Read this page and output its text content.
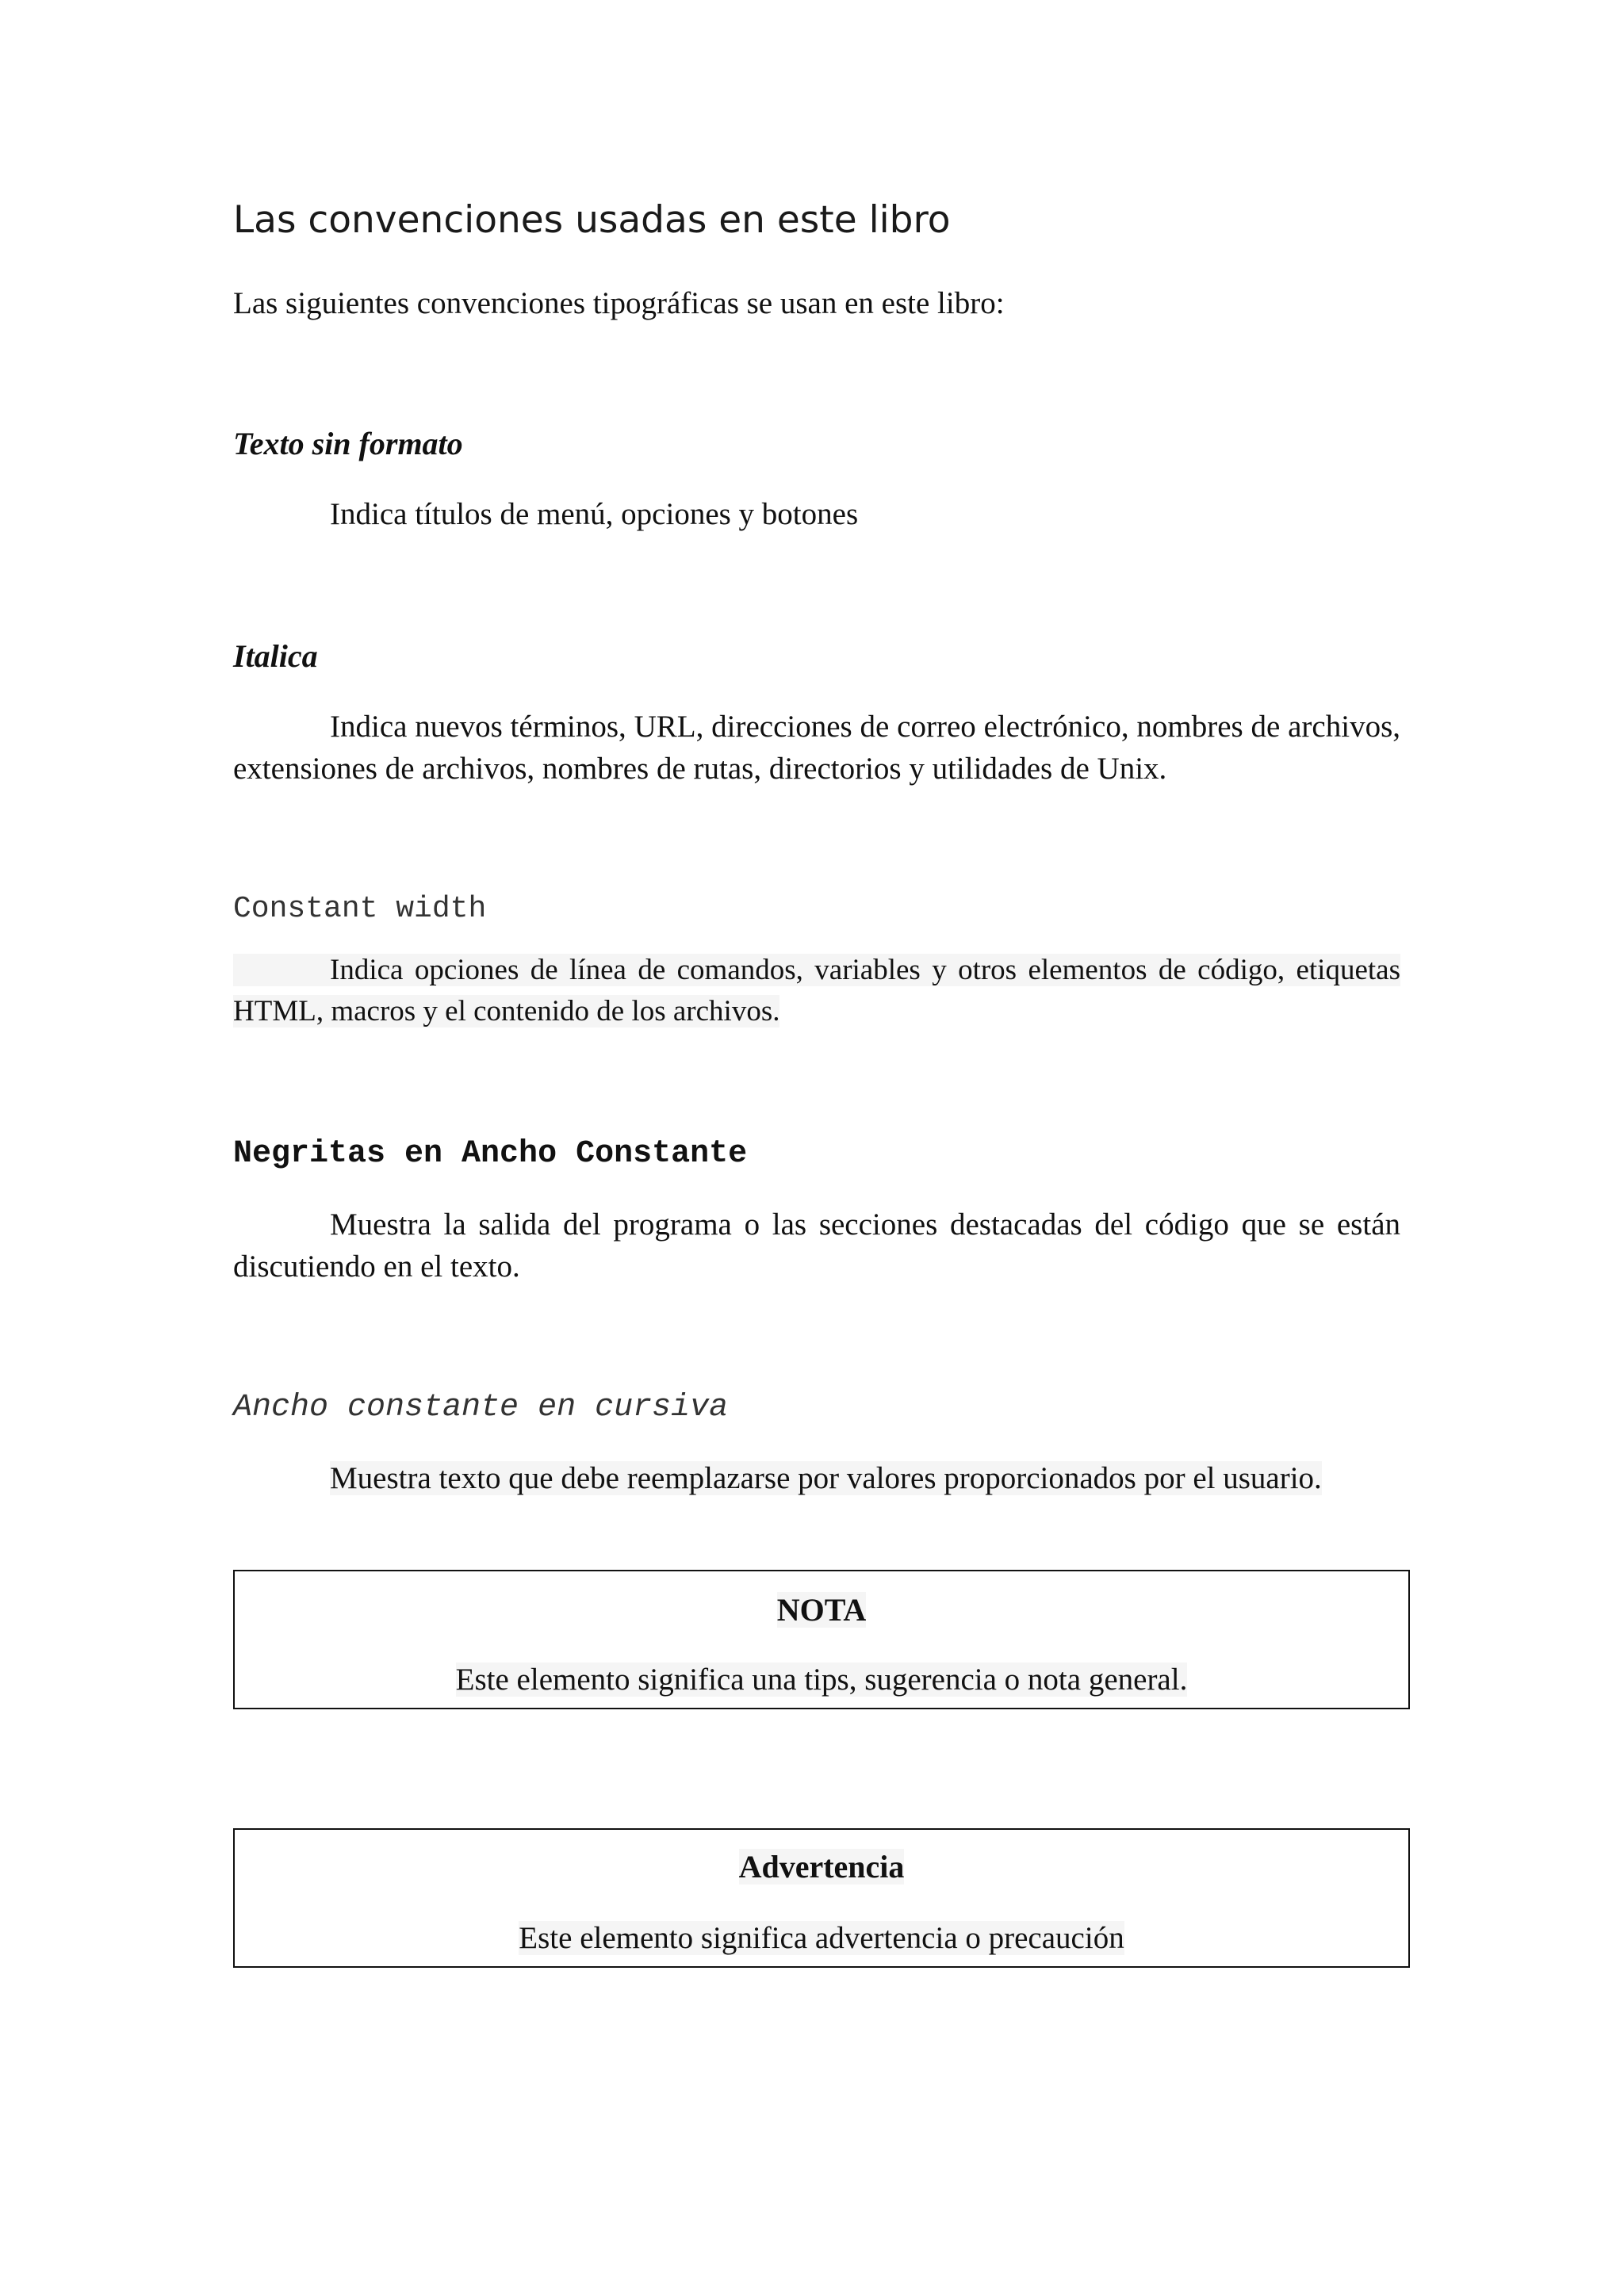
Las convenciones usadas en este libro
Las siguientes convenciones tipográficas se usan en este libro:
Texto sin formato
Indica títulos de menú, opciones y botones
Italica
Indica nuevos términos, URL, direcciones de correo electrónico, nombres de archivos, extensiones de archivos, nombres de rutas, directorios y utilidades de Unix.
Constant width
Indica opciones de línea de comandos, variables y otros elementos de código, etiquetas HTML, macros y el contenido de los archivos.
Negritas en Ancho Constante
Muestra la salida del programa o las secciones destacadas del código que se están discutiendo en el texto.
Ancho constante en cursiva
Muestra texto que debe reemplazarse por valores proporcionados por el usuario.
NOTA
Este elemento significa una tips, sugerencia o nota general.
Advertencia
Este elemento significa advertencia o precaución
